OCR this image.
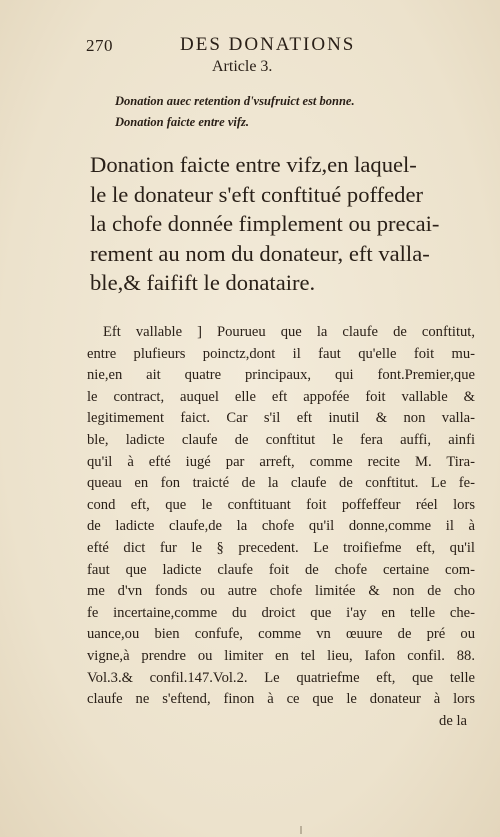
270	DES DONATIONS
Article 3.
Donation auec retention d'vsufruict est bonne.
Donation faicte entre vifz.
Donation faicte entre vifz,en laquel-
le le donateur s'eft conftitué poffeder
la chofe donnée fimplement ou precai-
rement au nom du donateur, eft valla-
ble,& faifift le donataire.
Eft vallable ] Pourueu que la claufe de conftitut,
entre plufieurs poinctz,dont il faut qu'elle foit mu-
nie,en ait quatre principaux, qui font.Premier,que
le contract, auquel elle eft appofée foit vallable &
legitimement faict. Car s'il eft inutil & non valla-
ble, ladicte claufe de conftitut le fera auffi, ainfi
qu'il à efté iugé par arreft, comme recite M. Tira-
queau en fon traicté de la claufe de conftitut. Le fe-
cond eft, que le conftituant foit poffeffeur réel lors
de ladicte claufe,de la chofe qu'il donne,comme il à
efté dict fur le § precedent. Le troifiefme eft, qu'il
faut que ladicte claufe foit de chofe certaine com-
me d'vn fonds ou autre chofe limitée & non de cho
fe incertaine,comme du droict que i'ay en telle che-
uance,ou bien confufe, comme vn œuure de pré ou
vigne,à prendre ou limiter en tel lieu, Iafon confil. 88.
Vol.3.& confil.147.Vol.2. Le quatriefme eft, que telle
claufe ne s'eftend, finon à ce que le donateur à lors
de la
